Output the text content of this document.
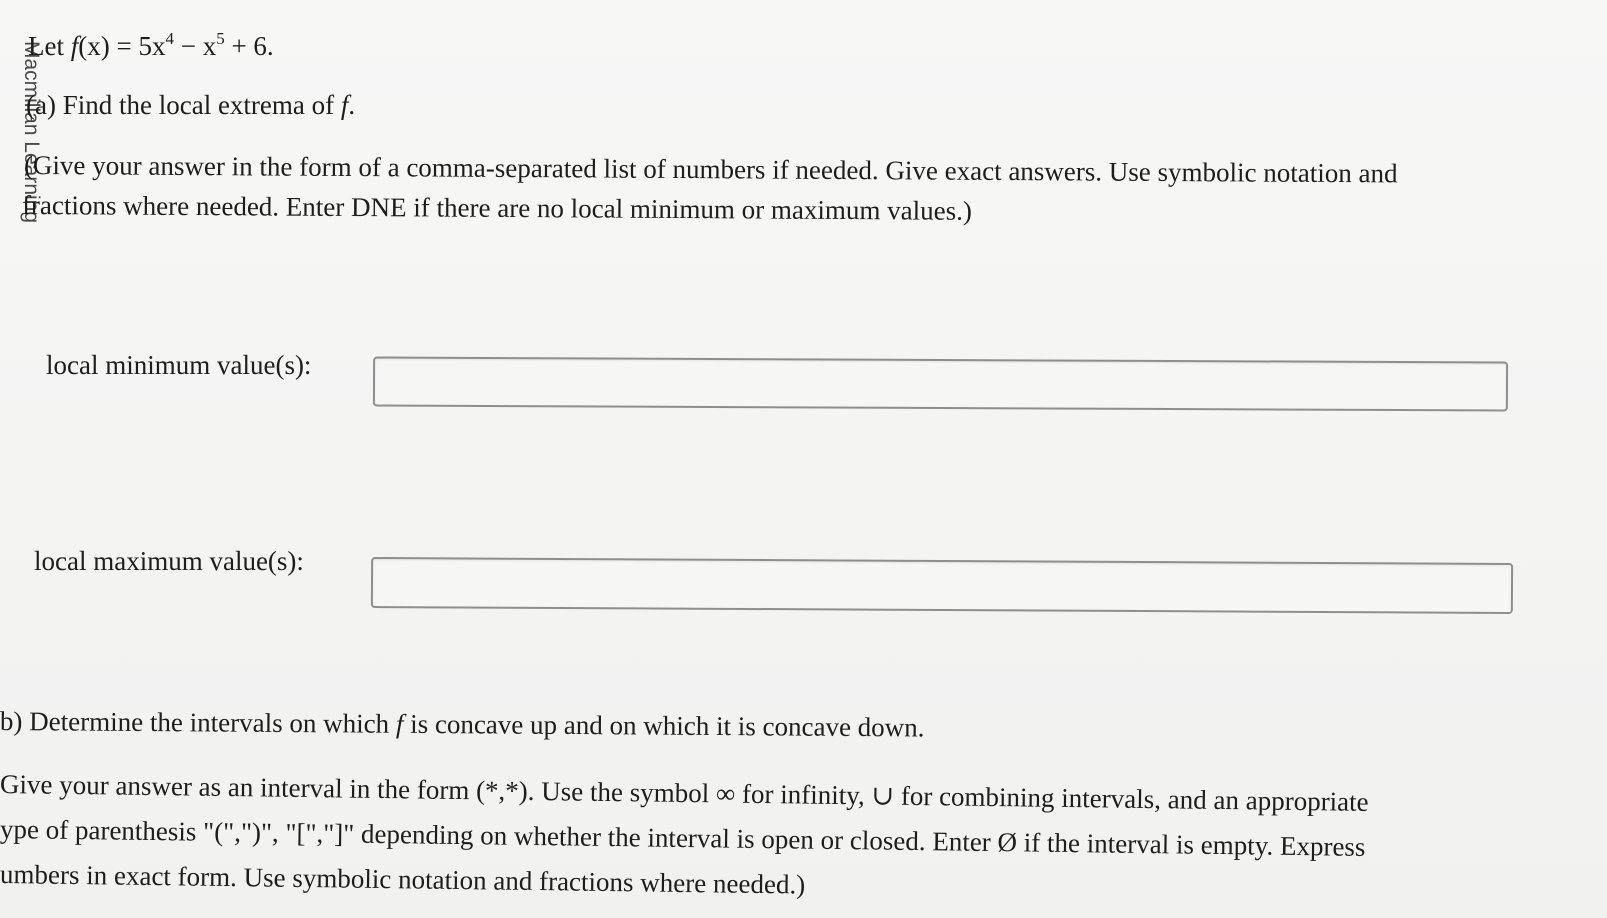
Macmillan Learning
Let $f(x) = 5x^4 - x^5 + 6$.
(a) Find the local extrema of f.
(Give your answer in the form of a comma-separated list of numbers if needed. Give exact answers. Use symbolic notation and
fractions where needed. Enter DNE if there are no local minimum or maximum values.)
local minimum value(s):
local maximum value(s):
b) Determine the intervals on which f is concave up and on which it is concave down.
Give your answer as an interval in the form (*,*). Use the symbol ∞ for infinity, ∪ for combining intervals, and an appropriate
ype of parenthesis "(",")", "[","]" depending on whether the interval is open or closed. Enter Ø if the interval is empty. Express
umbers in exact form. Use symbolic notation and fractions where needed.)
